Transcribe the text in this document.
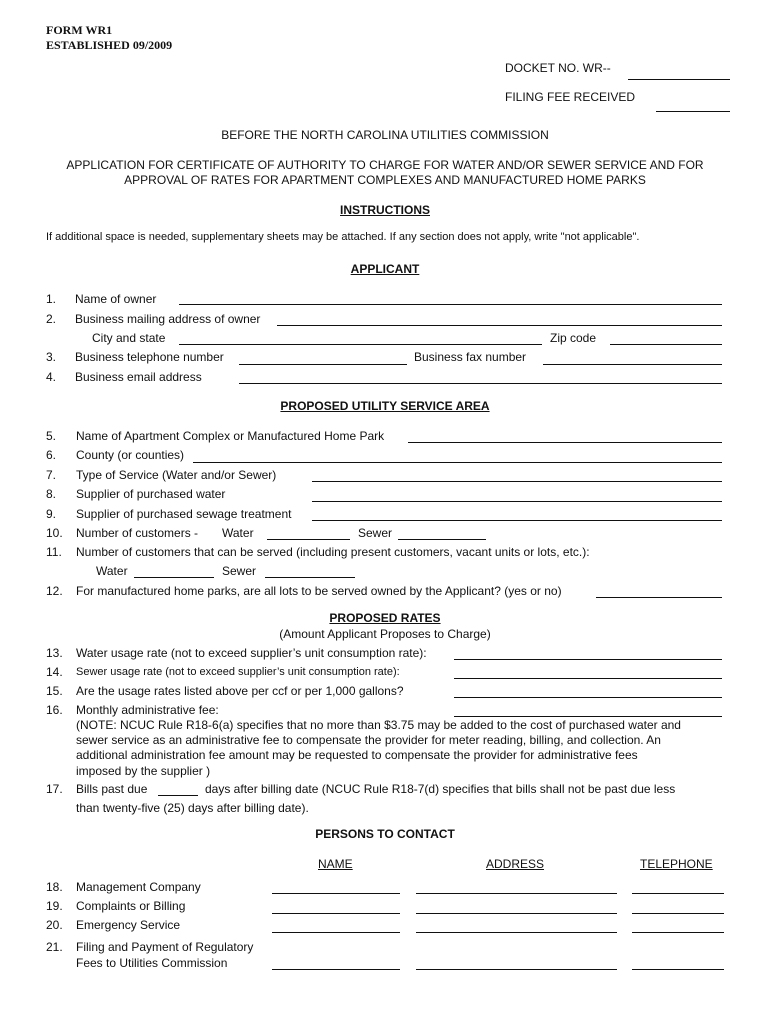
FORM WR1
ESTABLISHED 09/2009
DOCKET NO. WR--
FILING FEE RECEIVED
BEFORE THE NORTH CAROLINA UTILITIES COMMISSION
APPLICATION FOR CERTIFICATE OF AUTHORITY TO CHARGE FOR WATER AND/OR SEWER SERVICE AND FOR
APPROVAL OF RATES FOR APARTMENT COMPLEXES AND MANUFACTURED HOME PARKS
INSTRUCTIONS
If additional space is needed, supplementary sheets may be attached. If any section does not apply, write "not applicable".
APPLICANT
1. Name of owner
2. Business mailing address of owner
City and state	Zip code
3. Business telephone number	Business fax number
4. Business email address
PROPOSED UTILITY SERVICE AREA
5. Name of Apartment Complex or Manufactured Home Park
6. County (or counties)
7. Type of Service (Water and/or Sewer)
8. Supplier of purchased water
9. Supplier of purchased sewage treatment
10. Number of customers - Water	Sewer
11. Number of customers that can be served (including present customers, vacant units or lots, etc.):
Water	Sewer
12. For manufactured home parks, are all lots to be served owned by the Applicant? (yes or no)
PROPOSED RATES
(Amount Applicant Proposes to Charge)
13. Water usage rate (not to exceed supplier’s unit consumption rate):
14. Sewer usage rate (not to exceed supplier’s unit consumption rate):
15. Are the usage rates listed above per ccf or per 1,000 gallons?
16. Monthly administrative fee:
(NOTE: NCUC Rule R18-6(a) specifies that no more than $3.75 may be added to the cost of purchased water and
sewer service as an administrative fee to compensate the provider for meter reading, billing, and collection. An
additional administration fee amount may be requested to compensate the provider for administrative fees
imposed by the supplier )
17. Bills past due	days after billing date (NCUC Rule R18-7(d) specifies that bills shall not be past due less
than twenty-five (25) days after billing date).
PERSONS TO CONTACT
NAME	ADDRESS	TELEPHONE
18. Management Company
19. Complaints or Billing
20. Emergency Service
21. Filing and Payment of Regulatory
Fees to Utilities Commission
